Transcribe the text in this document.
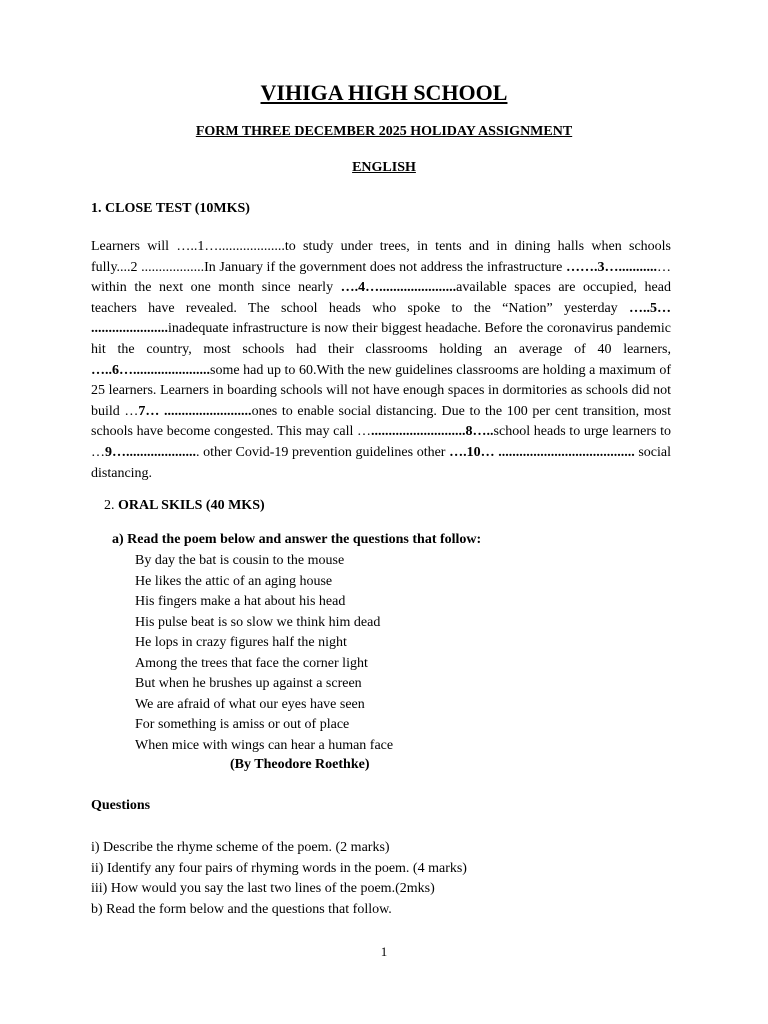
VIHIGA HIGH SCHOOL
FORM THREE DECEMBER 2025 HOLIDAY ASSIGNMENT
ENGLISH
1. CLOSE TEST (10MKS)
Learners will …..1…...................to study under trees, in tents and in dining halls when schools fully....2 ..................In January if the government does not address the infrastructure …….3…...........…within the next one month since nearly ….4…......................available spaces are occupied, head teachers have revealed. The school heads who spoke to the “Nation” yesterday …..5… ......................inadequate infrastructure is now their biggest headache. Before the coronavirus pandemic hit the country, most schools had their classrooms holding an average of 40 learners, …..6…......................some had up to 60.With the new guidelines classrooms are holding a maximum of 25 learners. Learners in boarding schools will not have enough spaces in dormitories as schools did not build …7… .........................ones to enable social distancing. Due to the 100 per cent transition, most schools have become congested. This may call …...........................8…..school heads to urge learners to …9…..................... other Covid-19 prevention guidelines other ….10… ....................................... social distancing.
2. ORAL SKILS (40 MKS)
a) Read the poem below and answer the questions that follow:
By day the bat is cousin to the mouse
He likes the attic of an aging house
His fingers make a hat about his head
His pulse beat is so slow we think him dead
He lops in crazy figures half the night
Among the trees that face the corner light
But when he brushes up against a screen
We are afraid of what our eyes have seen
For something is amiss or out of place
When mice with wings can hear a human face
(By Theodore Roethke)
Questions
i) Describe the rhyme scheme of the poem. (2 marks)
ii) Identify any four pairs of rhyming words in the poem. (4 marks)
iii) How would you say the last two lines of the poem.(2mks)
b) Read the form below and the questions that follow.
1
